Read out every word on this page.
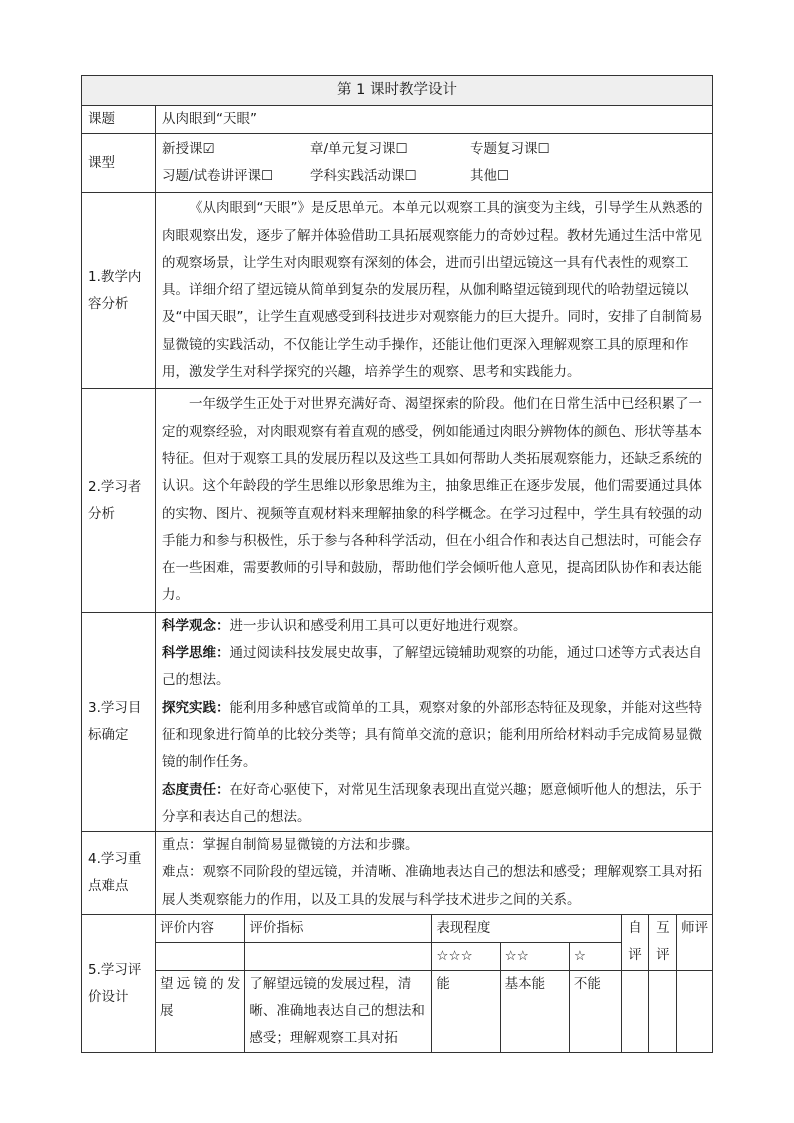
第 1 课时教学设计

课题	从肉眼到“天眼”

课型

新授课☑	章/单元复习课☐	专题复习课☐
习题/试卷讲评课☐	学科实践活动课☐	其他☐

1.教学内容分析

《从肉眼到“天眼”》是反思单元。本单元以观察工具的演变为主线，引导学生从熟悉的肉眼观察出发，逐步了解并体验借助工具拓展观察能力的奇妙过程。教材先通过生活中常见的观察场景，让学生对肉眼观察有深刻的体会，进而引出望远镜这一具有代表性的观察工具。详细介绍了望远镜从简单到复杂的发展历程，从伽利略望远镜到现代的哈勃望远镜以及“中国天眼”，让学生直观感受到科技进步对观察能力的巨大提升。同时，安排了自制简易显微镜的实践活动，不仅能让学生动手操作，还能让他们更深入理解观察工具的原理和作用，激发学生对科学探究的兴趣，培养学生的观察、思考和实践能力。

2.学习者分析

一年级学生正处于对世界充满好奇、渴望探索的阶段。他们在日常生活中已经积累了一定的观察经验，对肉眼观察有着直观的感受，例如能通过肉眼分辨物体的颜色、形状等基本特征。但对于观察工具的发展历程以及这些工具如何帮助人类拓展观察能力，还缺乏系统的认识。这个年龄段的学生思维以形象思维为主，抽象思维正在逐步发展，他们需要通过具体的实物、图片、视频等直观材料来理解抽象的科学概念。在学习过程中，学生具有较强的动手能力和参与积极性，乐于参与各种科学活动，但在小组合作和表达自己想法时，可能会存在一些困难，需要教师的引导和鼓励，帮助他们学会倾听他人意见，提高团队协作和表达能力。

3.学习目标确定

科学观念：进一步认识和感受利用工具可以更好地进行观察。
科学思维：通过阅读科技发展史故事，了解望远镜辅助观察的功能，通过口述等方式表达自己的想法。
探究实践：能利用多种感官或简单的工具，观察对象的外部形态特征及现象，并能对这些特征和现象进行简单的比较分类等；具有简单交流的意识；能利用所给材料动手完成简易显微镜的制作任务。
态度责任：在好奇心驱使下，对常见生活现象表现出直觉兴趣；愿意倾听他人的想法，乐于分享和表达自己的想法。

4.学习重点难点

重点：掌握自制简易显微镜的方法和步骤。
难点：观察不同阶段的望远镜，并清晰、准确地表达自己的想法和感受；理解观察工具对拓展人类观察能力的作用，以及工具的发展与科学技术进步之间的关系。

5.学习评价设计

评价内容	评价指标	表现程度	自评	互评	师评
		☆☆☆	☆☆	☆
望远镜的发展	了解望远镜的发展过程，清晰、准确地表达自己的想法和感受；理解观察工具对拓	能	基本能	不能			
